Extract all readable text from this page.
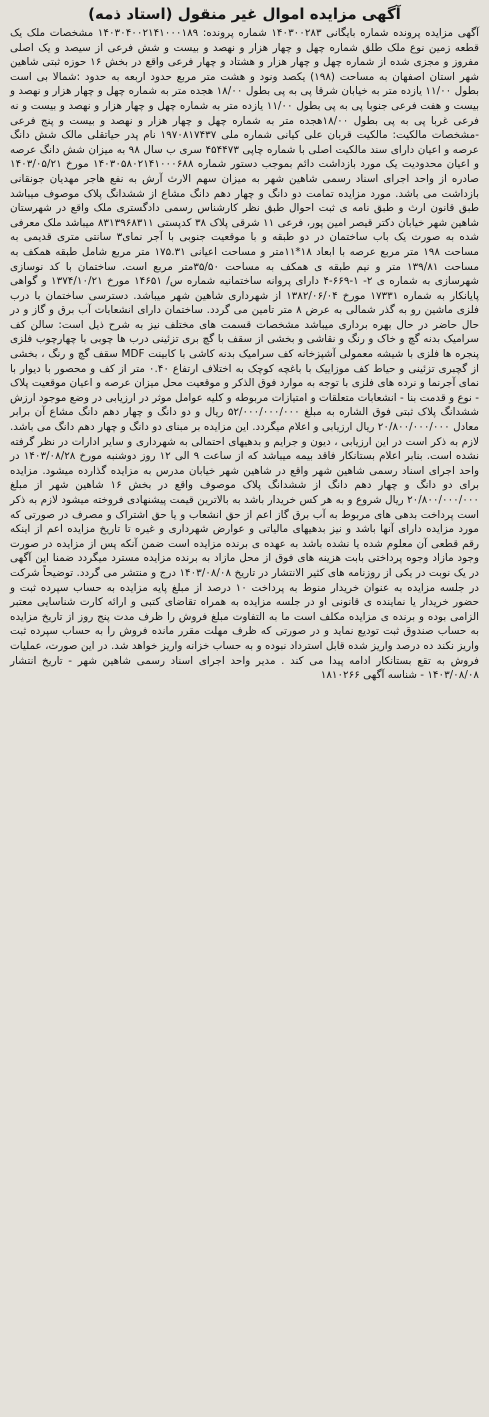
آگهی مزایده اموال غیر منقول (استاد ذمه)

آگهی مزایده پرونده شماره بایگانی ۱۴۰۳۰۰۲۸۳ شماره پرونده: ۱۴۰۳۰۴۰۰۲۱۴۱۰۰۰۱۸۹ مشخصات ملک یک قطعه زمین نوع ملک طلق شماره چهل و چهار هزار و نهصد و بیست و شش فرعی از سیصد و یک اصلی مفروز و مجزی شده از شماره چهل و چهار هزار و هشتاد و چهار فرعی واقع در بخش ۱۶ حوزه ثبتی شاهین شهر استان اصفهان به مساحت (۱۹۸) یکصد ونود و هشت متر مربع حدود اربعه به حدود :شمالا بی است بطول ۱۱/۰۰ یازده متر به خیابان شرقا پی به پی بطول ۱۸/۰۰ هجده متر به شماره چهل و چهار هزار و نهصد و بیست و هفت فرعی جنوبا پی به پی بطول ۱۱/۰۰ یازده متر به شماره چهل و چهار هزار و نهصد و بیست و نه فرعی غربا پی به پی بطول ۱۸/۰۰هجده متر به شماره چهل و چهار هزار و نهصد و بیست و پنج فرعی -مشخصات مالکیت: مالکیت قربان علی کیانی شماره ملی ۱۹۷۰۸۱۷۴۳۷ نام پدر حیاتقلی مالک شش دانگ عرصه و اعیان دارای سند مالکیت اصلی با شماره چاپی ۴۵۴۴۷۳ سری ب سال ۹۸ به میزان شش دانگ عرصه و اعیان محدودیت یک مورد بازداشت دائم بموجب دستور شماره ۱۴۰۳۰۵۸۰۲۱۴۱۰۰۰۶۸۸ مورخ ۱۴۰۳/۰۵/۲۱ صادره از واحد اجرای اسناد رسمی شاهین شهر به میزان سهم الارث آرش به نفع هاجر مهدیان جونقانی بازداشت می باشد. مورد مزایده تمامت دو دانگ و چهار دهم دانگ مشاع از ششدانگ پلاک موصوف میباشد طبق قانون ارث و طبق نامه ی ثبت احوال طبق نظر کارشناس رسمی دادگستری ملک واقع در شهرستان شاهین شهر خیابان دکتر قیصر امین پور، فرعی ۱۱ شرقی پلاک ۳۸ کدپستی ۸۳۱۳۹۶۸۳۱۱ میباشد ملک معرفی شده به صورت یک باب ساختمان در دو طبقه و با موقعیت جنوبی با آجر نمای۳ سانتی متری قدیمی به مساحت ۱۹۸ متر مربع عرصه با ابعاد ۱۸*۱۱متر و مساحت اعیانی ۱۷۵.۳۱ متر مربع شامل طبقه همکف به مساحت ۱۳۹/۸۱ متر و نیم طبقه ی همکف به مساحت ۳۵/۵۰متر مربع است. ساختمان با کد نوسازی شهرسازی به شماره ی ۲- ۱-۶۶۹-۴ دارای پروانه ساختمانیه شماره س/ ۱۴۶۵۱ مورخ ۱۳۷۴/۱۰/۲۱ و گواهی پایانکار به شماره ۱۷۳۳۱ مورخ ۱۳۸۲/۰۶/۰۴ از شهرداری شاهین شهر میباشد. دسترسی ساختمان با درب فلزی ماشین رو به گذر شمالی به عرض ۸ متر تامین می گردد. ساختمان دارای انشعابات آب برق و گاز و در حال حاضر در حال بهره برداری میباشد مشخصات قسمت های مختلف نیز به شرح ذیل است: سالن کف سرامیک بدنه گچ و خاک و رنگ و نقاشی و بخشی از سقف با گچ بری تزئینی درب ها چوبی با چهارچوب فلزی پنجره ها فلزی با شیشه معمولی آشپزخانه کف سرامیک بدنه کاشی با کابینت MDF سقف گچ و رنگ ، بخشی از گچبری تزئینی و حیاط کف موزاییک با باغچه کوچک به اختلاف ارتفاع ۰.۴۰ متر از کف و محصور با دیوار با نمای آجرنما و نرده های فلزی با توجه به موارد فوق الذکر و موقعیت محل میزان عرصه و اعیان موقعیت پلاک - نوع و قدمت بنا - انشعابات متعلقات و امتیازات مربوطه و کلیه عوامل موثر در ارزیابی در وضع موجود ارزش ششدانگ پلاک ثبتی فوق الشاره به مبلغ ۵۲/۰۰۰/۰۰۰/۰۰۰ ریال و دو دانگ و چهار دهم دانگ مشاع آن برابر معادل ۲۰/۸۰۰/۰۰۰/۰۰۰ ریال ارزیابی و اعلام میگردد. این مزایده بر مبنای دو دانگ و چهار دهم دانگ می باشد. لازم به ذکر است در این ارزیابی ، دیون و جرایم و بدهیهای احتمالی به شهرداری و سایر ادارات در نظر گرفته نشده است. بنابر اعلام بستانکار فاقد بیمه میباشد که از ساعت ۹ الی ۱۲ روز دوشنبه مورخ ۱۴۰۳/۰۸/۲۸ در واحد اجرای اسناد رسمی شاهین شهر واقع در شاهین شهر خیابان مدرس به مزایده گذارده میشود. مزایده برای دو دانگ و چهار دهم دانگ از ششدانگ پلاک موصوف واقع در بخش ۱۶ شاهین شهر از مبلغ ۲۰/۸۰۰/۰۰۰/۰۰۰ ریال شروع و به هر کس خریدار باشد به بالاترین قیمت پیشنهادی فروخته میشود لازم به ذکر است پرداخت بدهی های مربوط به آب برق گاز اعم از حق انشعاب و یا حق اشتراک و مصرف در صورتی که مورد مزایده دارای آنها باشد و نیز بدهیهای مالیاتی و عوارض شهرداری و غیره تا تاریخ مزایده اعم از اینکه رقم قطعی آن معلوم شده یا نشده باشد به عهده ی برنده مزایده است ضمن آنکه پس از مزایده در صورت وجود مازاد وجوه پرداختی بابت هزینه های فوق از محل مازاد به برنده مزایده مسترد میگردد ضمنا این آگهی در یک نوبت در یکی از روزنامه های کثیر الانتشار در تاریخ ۱۴۰۳/۰۸/۰۸ درج و منتشر می گردد. توضیحاً شرکت در جلسه مزایده به عنوان خریدار منوط به پرداخت ۱۰ درصد از مبلغ پایه مزایده به حساب سپرده ثبت و حضور خریدار یا نماینده ی قانونی او در جلسه مزایده به همراه تقاضای کتبی و ارائه کارت شناسایی معتبر الزامی بوده و برنده ی مزایده مکلف است ما به التفاوت مبلغ فروش را ظرف مدت پنج روز از تاریخ مزایده به حساب صندوق ثبت تودیع نماید و در صورتی که ظرف مهلت مقرر مانده فروش را به حساب سپرده ثبت واریز نکند ده درصد واریز شده قابل استرداد نبوده و به حساب خزانه واریز خواهد شد. در این صورت، عملیات فروش به تقع بستانکار ادامه پیدا می کند . مدیر واحد اجرای اسناد رسمی شاهین شهر - تاریخ انتشار ۱۴۰۳/۰۸/۰۸ - شناسه آگهی ۱۸۱۰۲۶۶
